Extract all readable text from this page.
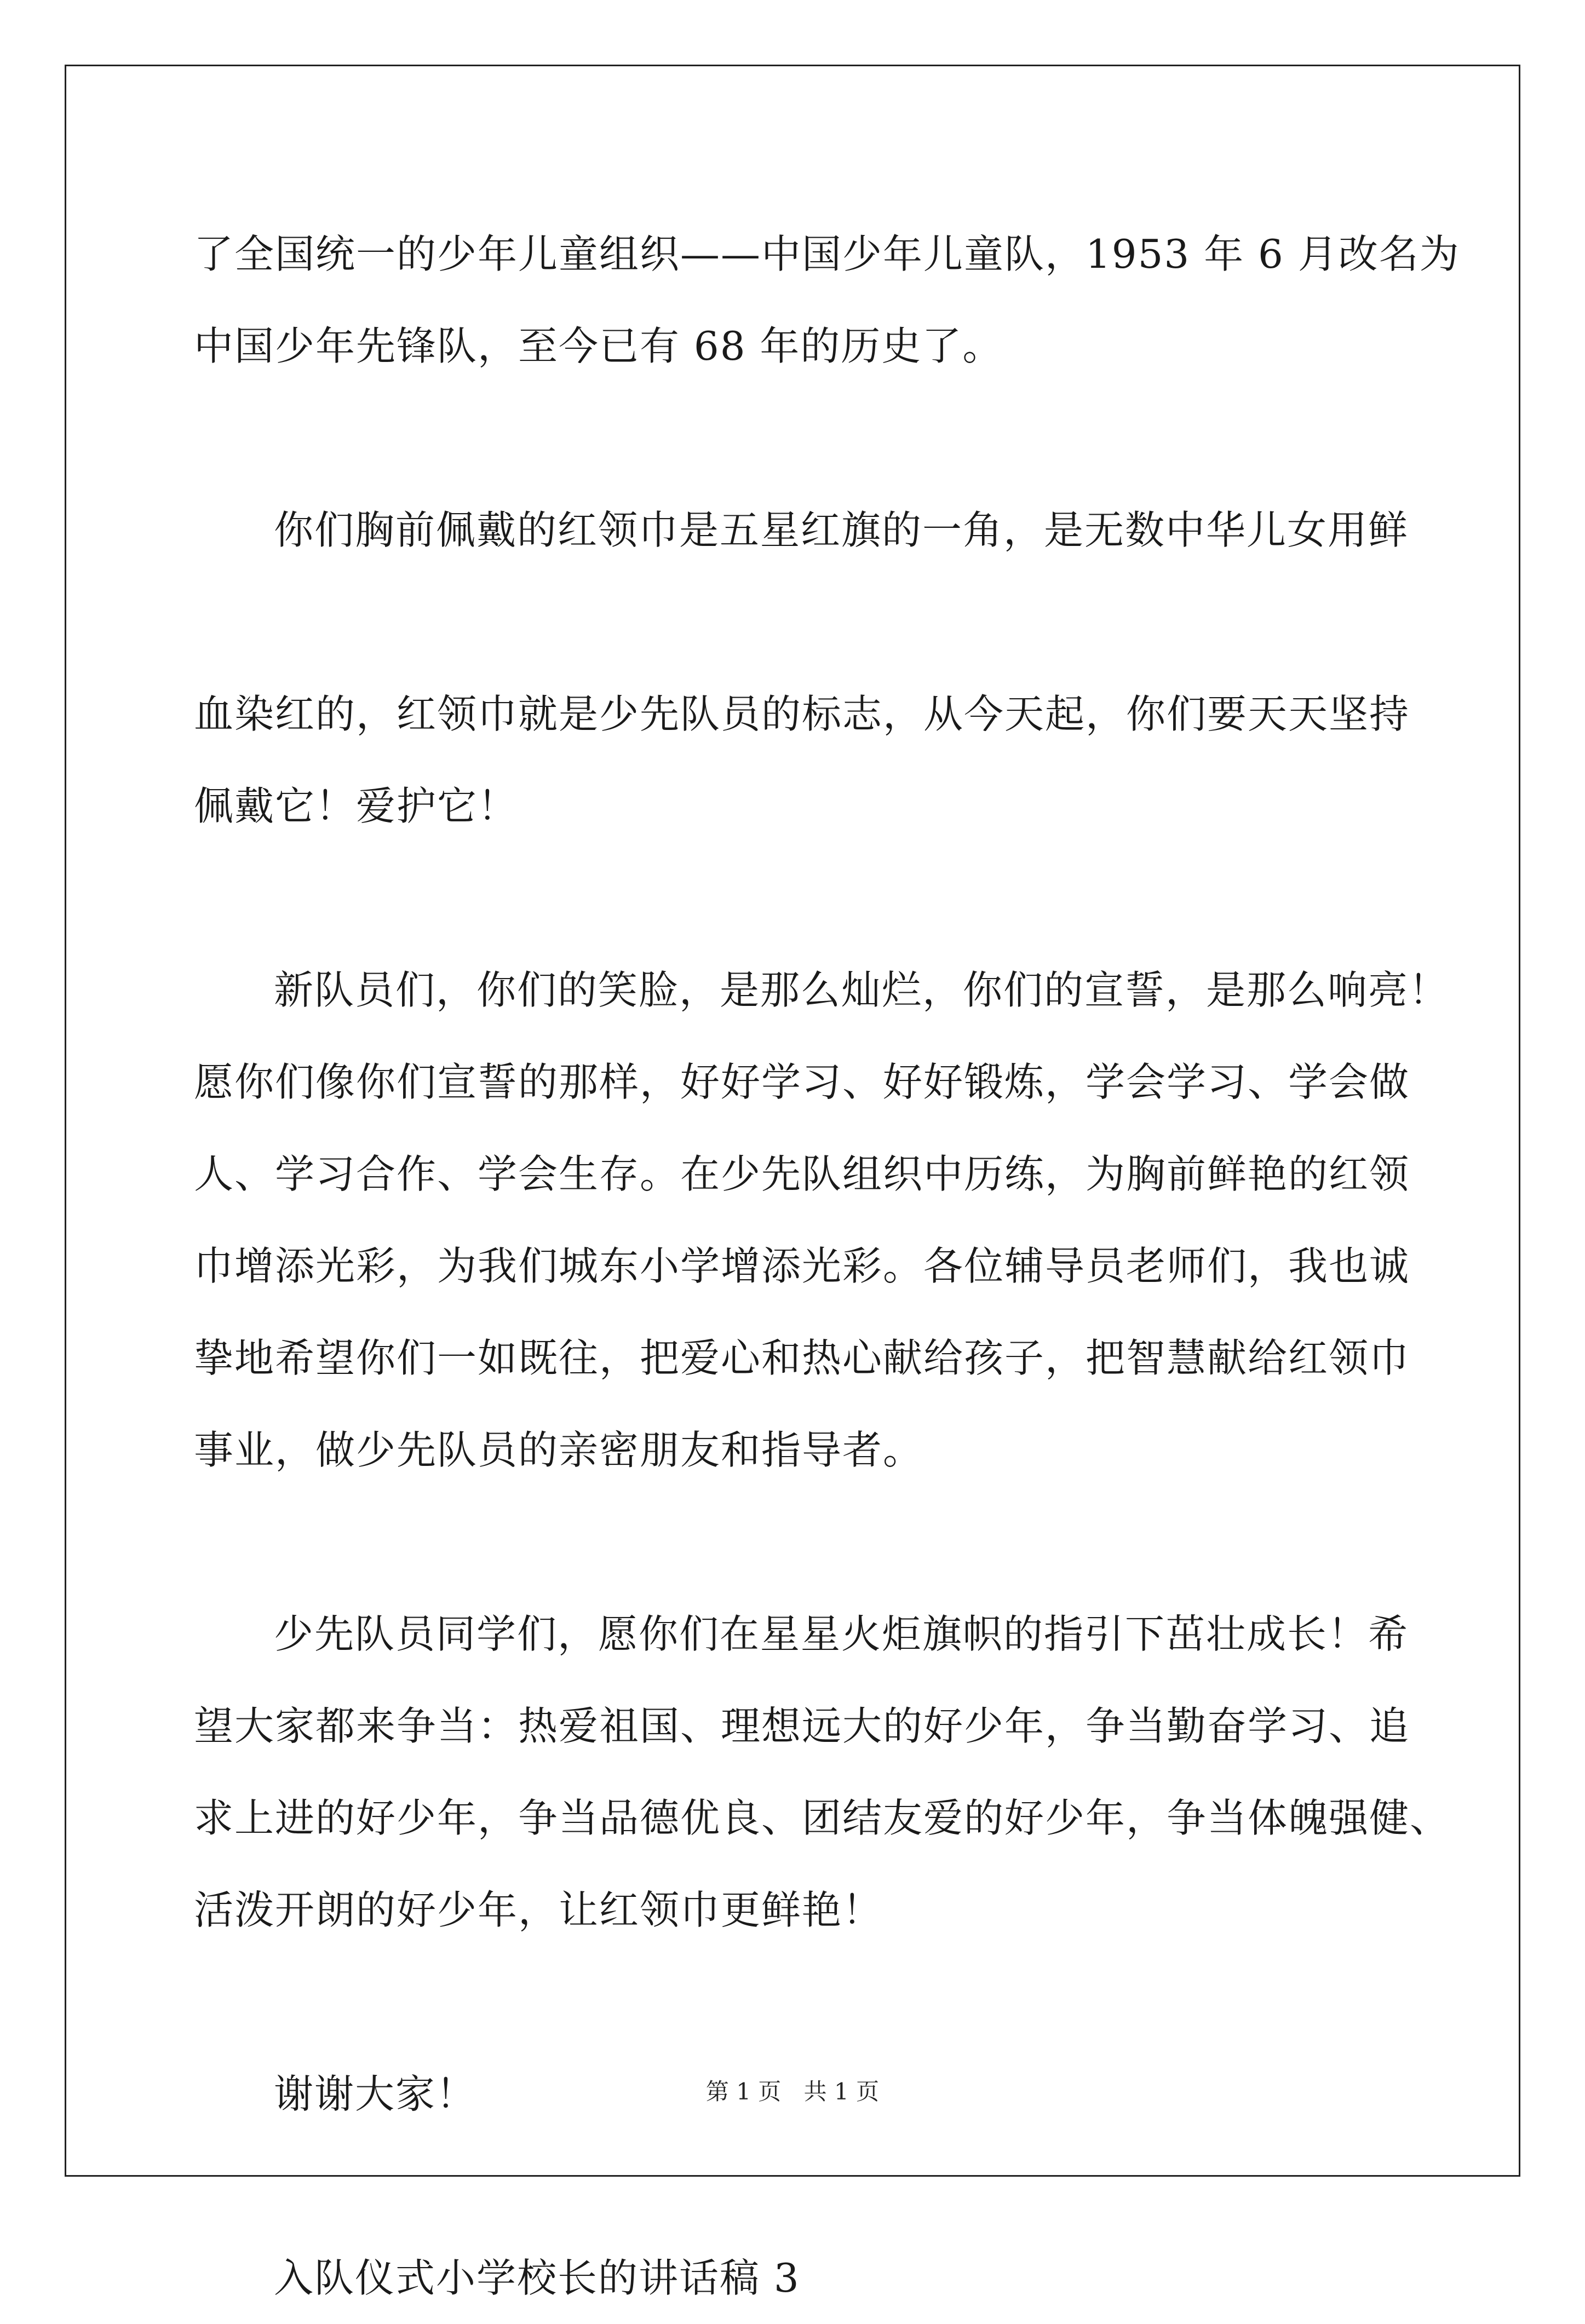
了全国统一的少年儿童组织——中国少年儿童队，1953 年 6 月改名为
中国少年先锋队，至今已有 68 年的历史了。
你们胸前佩戴的红领巾是五星红旗的一角，是无数中华儿女用鲜
血染红的，红领巾就是少先队员的标志，从今天起，你们要天天坚持
佩戴它！爱护它！
新队员们，你们的笑脸，是那么灿烂，你们的宣誓，是那么响亮！
愿你们像你们宣誓的那样，好好学习、好好锻炼，学会学习、学会做
人、学习合作、学会生存。在少先队组织中历练，为胸前鲜艳的红领
巾增添光彩，为我们城东小学增添光彩。各位辅导员老师们，我也诚
挚地希望你们一如既往，把爱心和热心献给孩子，把智慧献给红领巾
事业，做少先队员的亲密朋友和指导者。
少先队员同学们，愿你们在星星火炬旗帜的指引下茁壮成长！希
望大家都来争当：热爱祖国、理想远大的好少年，争当勤奋学习、追
求上进的好少年，争当品德优良、团结友爱的好少年，争当体魄强健、
活泼开朗的好少年，让红领巾更鲜艳！
谢谢大家！
入队仪式小学校长的讲话稿 3
第 1 页 共 1 页
